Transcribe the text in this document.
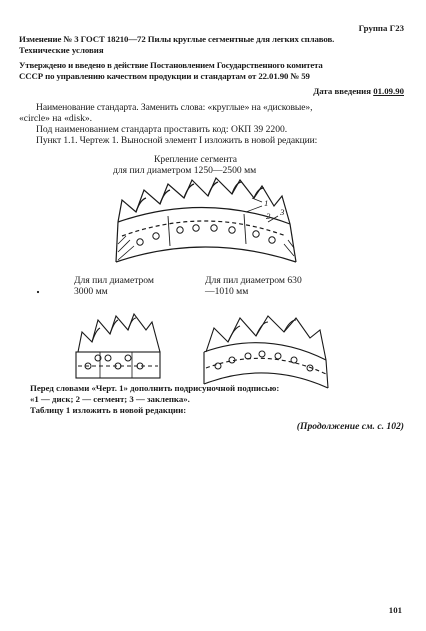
Группа Г23
Изменение № 3 ГОСТ 18210—72 Пилы круглые сегментные для легких сплавов.
Технические условия
Утверждено и введено в действие Постановлением Государственного комитета
СССР по управлению качеством продукции и стандартам от 22.01.90 № 59
Дата введения 01.09.90
Наименование стандарта. Заменить слова: «круглые» на «дисковые»,
«circle» на «disk».
Под наименованием стандарта проставить код: ОКП 39 2200.
Пункт 1.1. Чертеж 1. Выносной элемент I изложить в новой редакции:
Крепление сегмента
для пил диаметром 1250—2500 мм
1
2 3
Для пил диаметром
3000 мм
Для пил диаметром 630
—1010 мм
Перед словами «Черт. 1» дополнить подрисуночной подписью:
«1 — диск; 2 — сегмент; 3 — заклепка».
Таблицу 1 изложить в новой редакции:
(Продолжение см. с. 102)
101
